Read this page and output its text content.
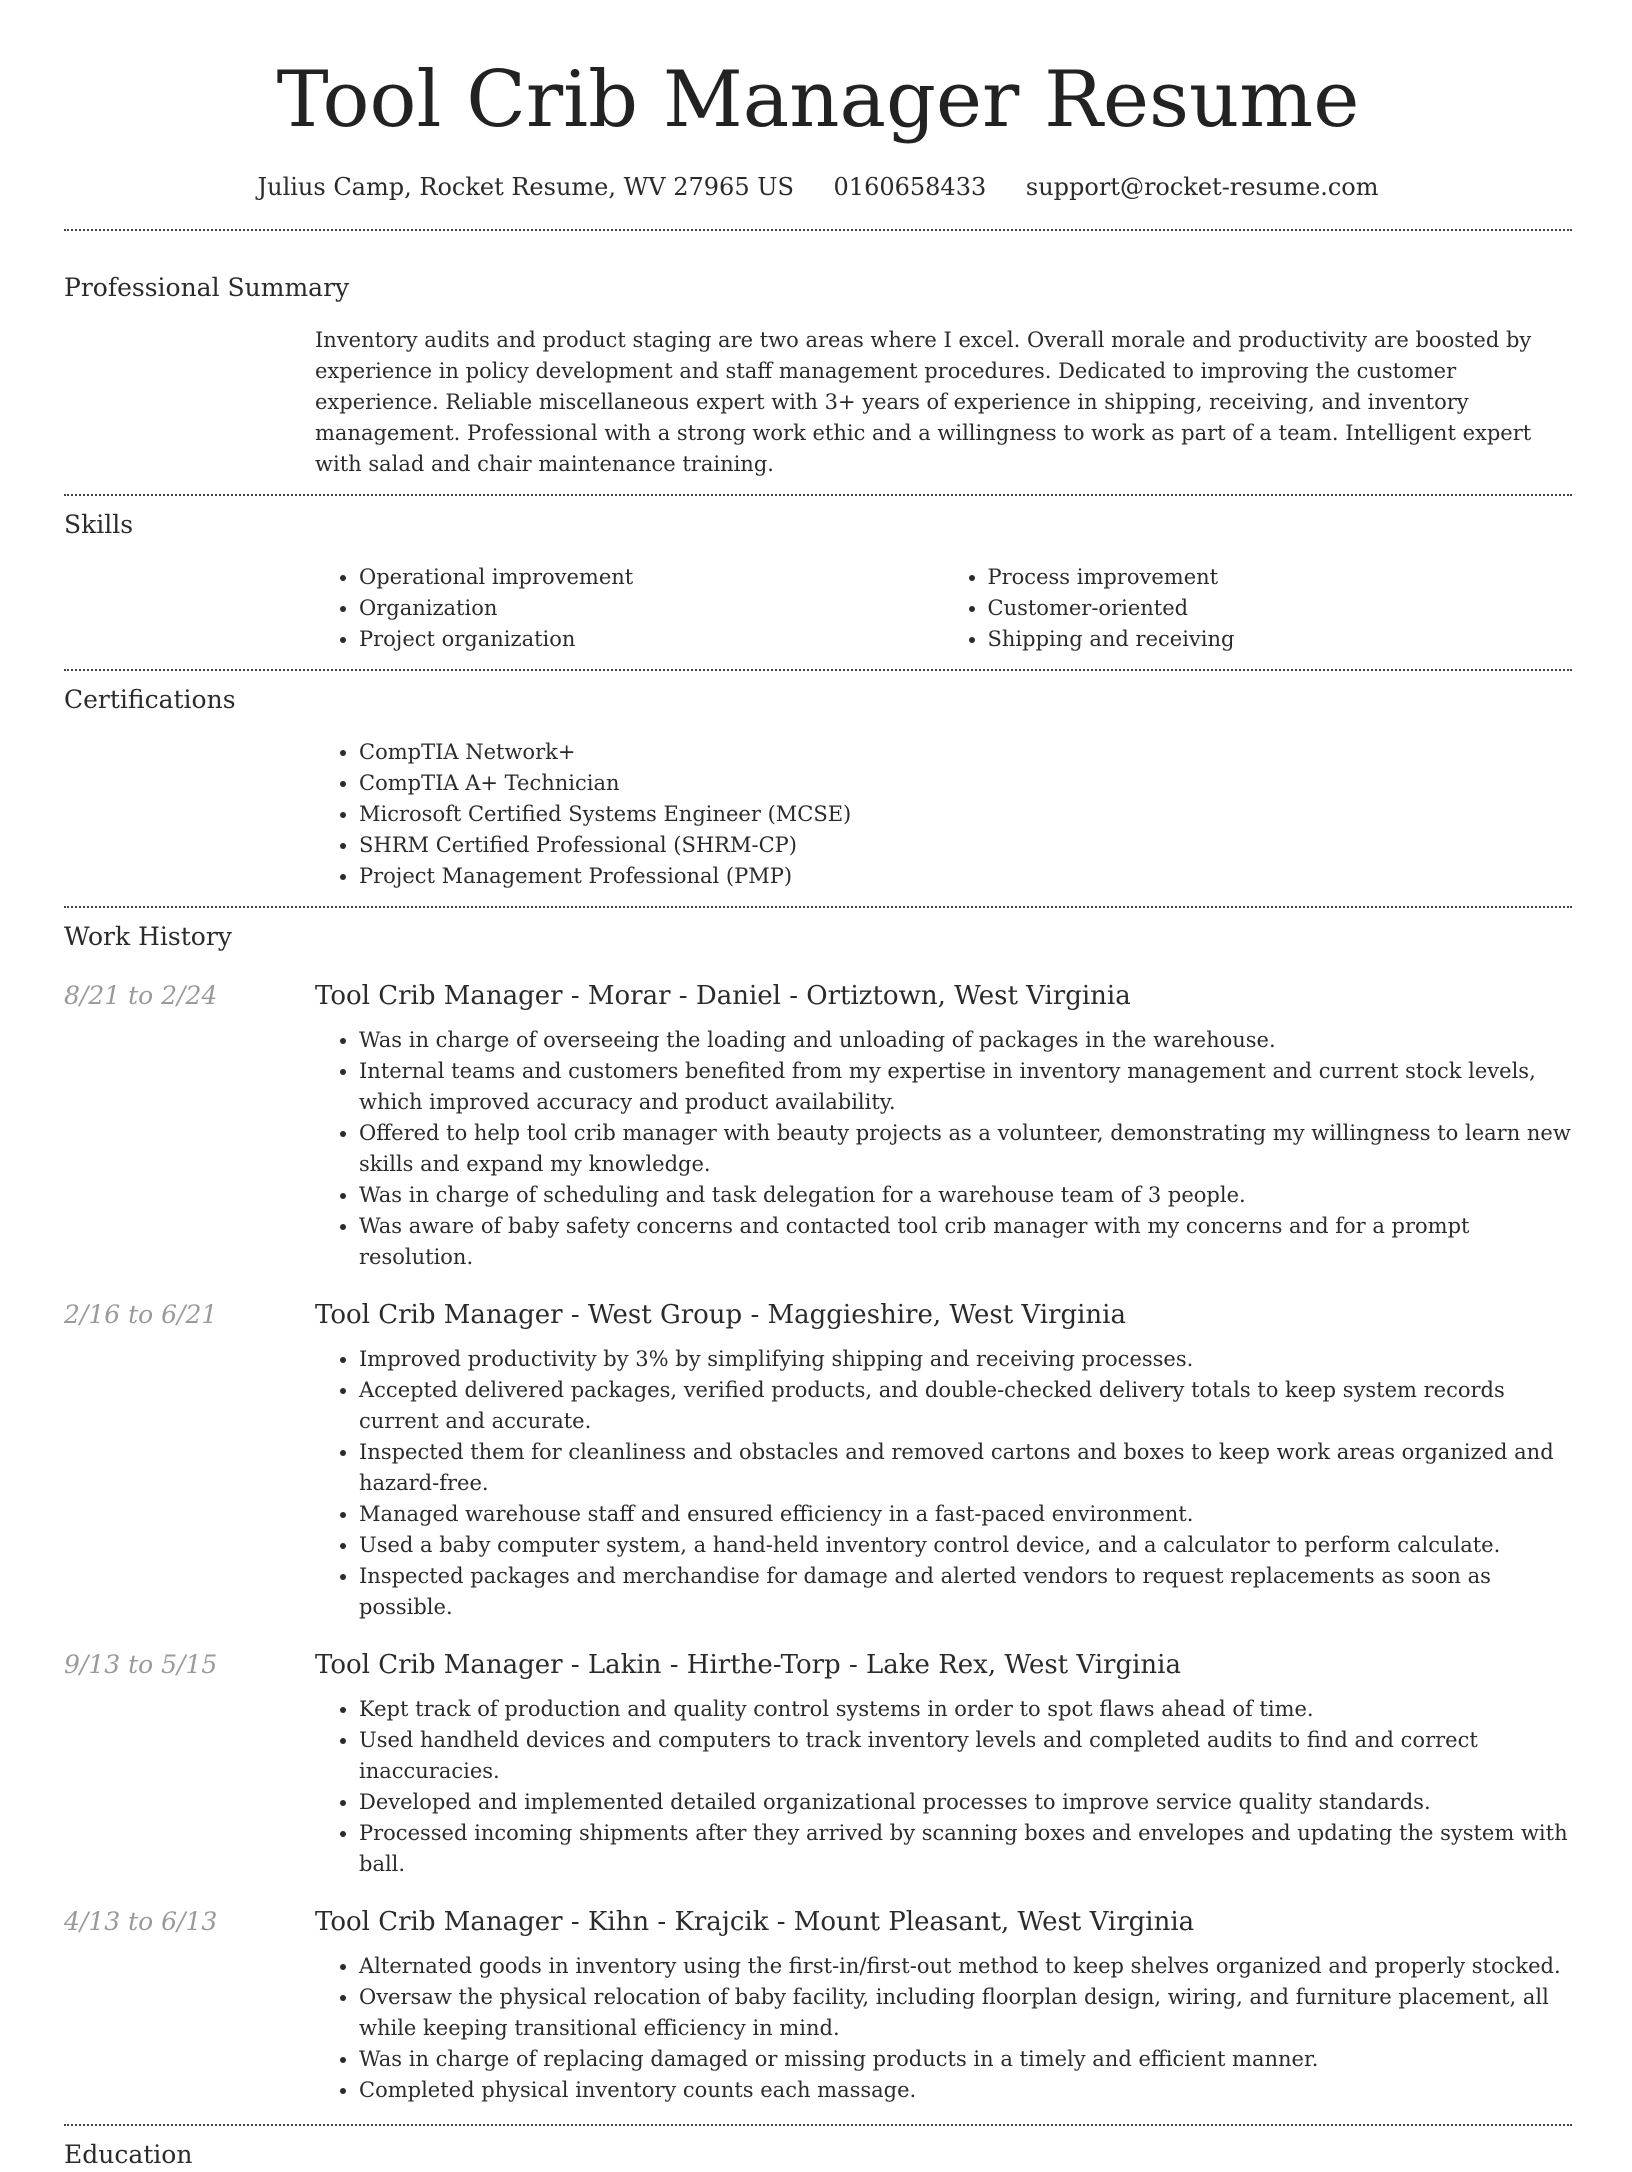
Tool Crib Manager Resume
Julius Camp, Rocket Resume, WV 27965 US 0160658433 support@rocket-resume.com
Professional Summary

Inventory audits and product staging are two areas where I excel. Overall morale and productivity are boosted by experience in policy development and staff management procedures. Dedicated to improving the customer experience. Reliable miscellaneous expert with 3+ years of experience in shipping, receiving, and inventory management. Professional with a strong work ethic and a willingness to work as part of a team. Intelligent expert with salad and chair maintenance training.

Skills
• Operational improvement
• Organization
• Project organization
• Process improvement
• Customer-oriented
• Shipping and receiving
Certifications
• CompTIA Network+
• CompTIA A+ Technician
• Microsoft Certified Systems Engineer (MCSE)
• SHRM Certified Professional (SHRM-CP)
• Project Management Professional (PMP)
Work History
8/21 to 2/24	Tool Crib Manager - Morar - Daniel - Ortiztown, West Virginia
• Was in charge of overseeing the loading and unloading of packages in the warehouse.
• Internal teams and customers benefited from my expertise in inventory management and current stock levels, which improved accuracy and product availability.
• Offered to help tool crib manager with beauty projects as a volunteer, demonstrating my willingness to learn new skills and expand my knowledge.
• Was in charge of scheduling and task delegation for a warehouse team of 3 people.
• Was aware of baby safety concerns and contacted tool crib manager with my concerns and for a prompt resolution.
2/16 to 6/21	Tool Crib Manager - West Group - Maggieshire, West Virginia
• Improved productivity by 3% by simplifying shipping and receiving processes.
• Accepted delivered packages, verified products, and double-checked delivery totals to keep system records current and accurate.
• Inspected them for cleanliness and obstacles and removed cartons and boxes to keep work areas organized and hazard-free.
• Managed warehouse staff and ensured efficiency in a fast-paced environment.
• Used a baby computer system, a hand-held inventory control device, and a calculator to perform calculate.
• Inspected packages and merchandise for damage and alerted vendors to request replacements as soon as possible.
9/13 to 5/15	Tool Crib Manager - Lakin - Hirthe-Torp - Lake Rex, West Virginia
• Kept track of production and quality control systems in order to spot flaws ahead of time.
• Used handheld devices and computers to track inventory levels and completed audits to find and correct inaccuracies.
• Developed and implemented detailed organizational processes to improve service quality standards.
• Processed incoming shipments after they arrived by scanning boxes and envelopes and updating the system with ball.
4/13 to 6/13	Tool Crib Manager - Kihn - Krajcik - Mount Pleasant, West Virginia
• Alternated goods in inventory using the first-in/first-out method to keep shelves organized and properly stocked.
• Oversaw the physical relocation of baby facility, including floorplan design, wiring, and furniture placement, all while keeping transitional efficiency in mind.
• Was in charge of replacing damaged or missing products in a timely and efficient manner.
• Completed physical inventory counts each massage.
Education
